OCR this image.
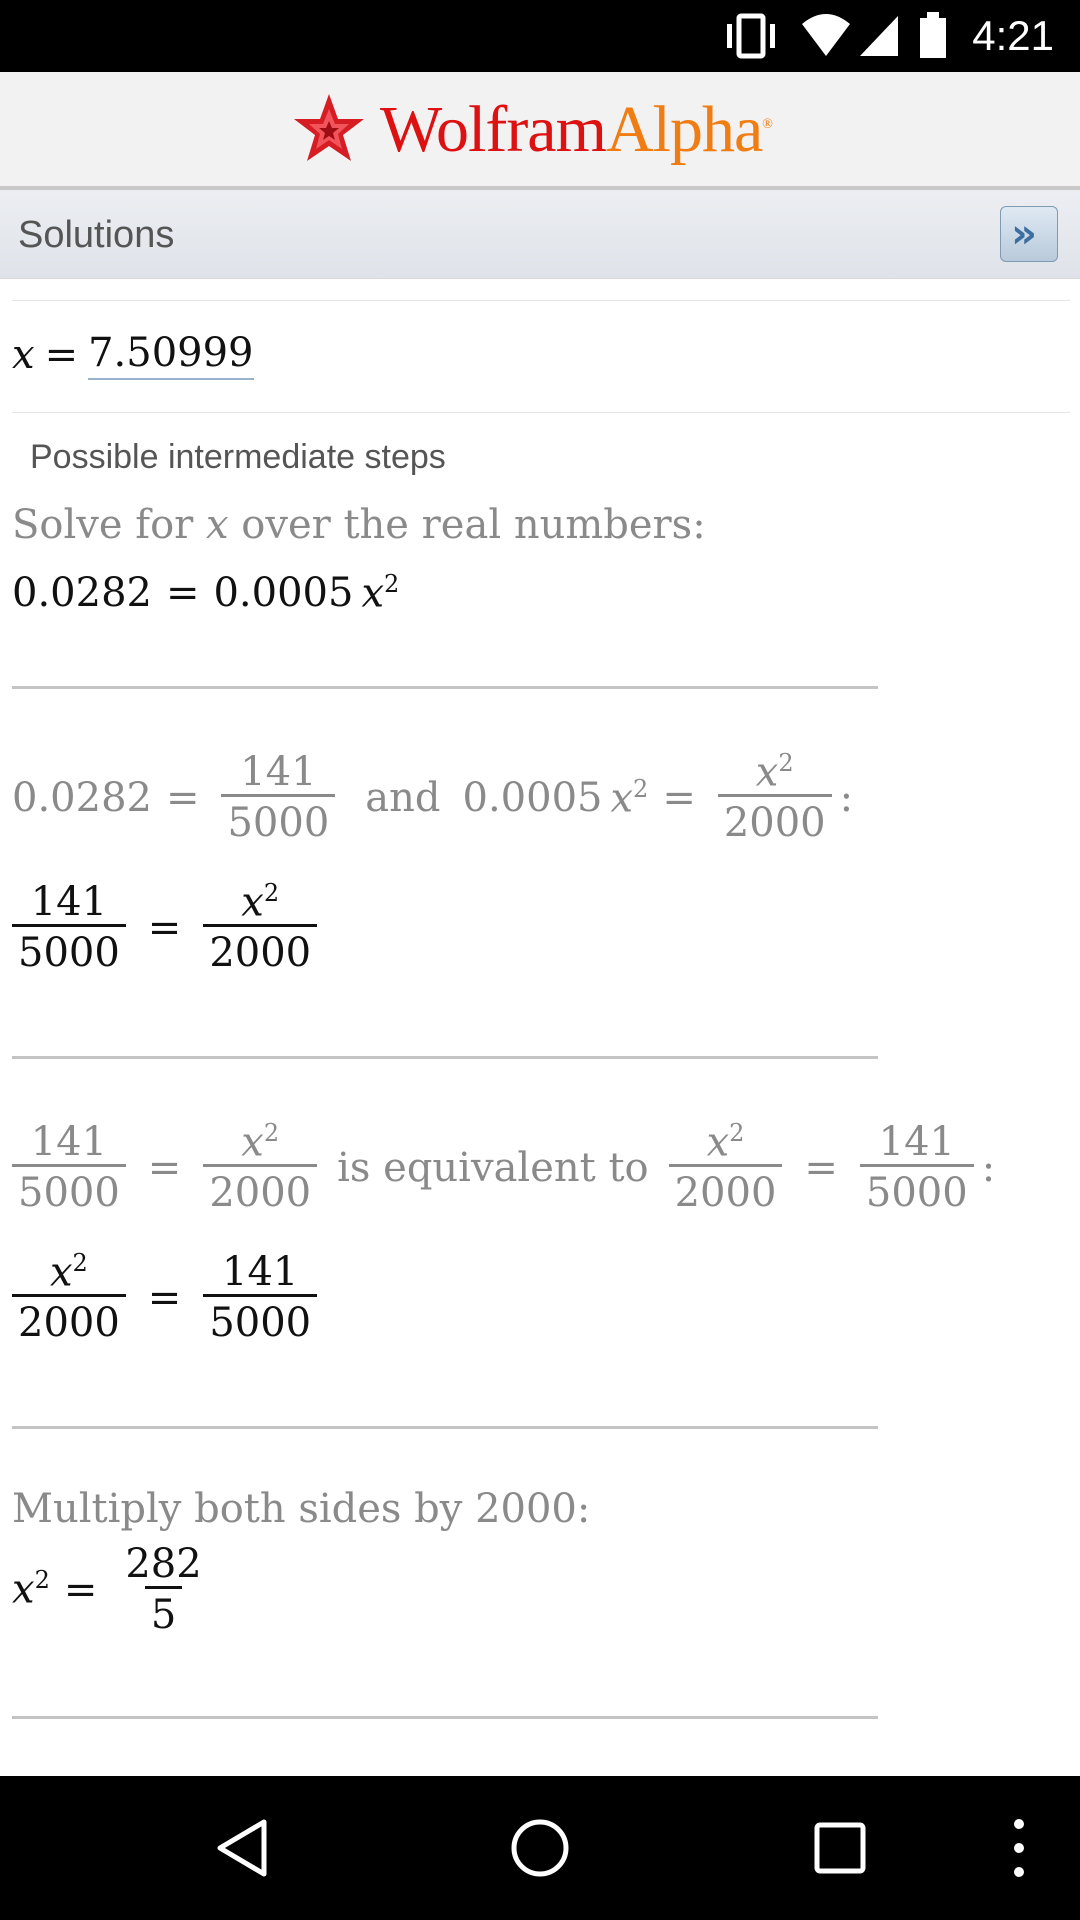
4:21
WolframAlpha®
Solutions	»
x = 7.50999
Possible intermediate steps
Solve for x over the real numbers:
0.0282 = 0.0005 $x^2$
$0.0282 = \frac{141}{5000}$ and 0.0005 $x^2 = \frac{x^2}{2000}$ :
$\frac{141}{5000} = \frac{x^2}{2000}$
$\frac{141}{5000} = \frac{x^2}{2000}$ is equivalent to $\frac{x^2}{2000} = \frac{141}{5000}$ :
$\frac{x^2}{2000} = \frac{141}{5000}$
Multiply both sides by 2000:
$x^2 = \frac{282}{5}$
